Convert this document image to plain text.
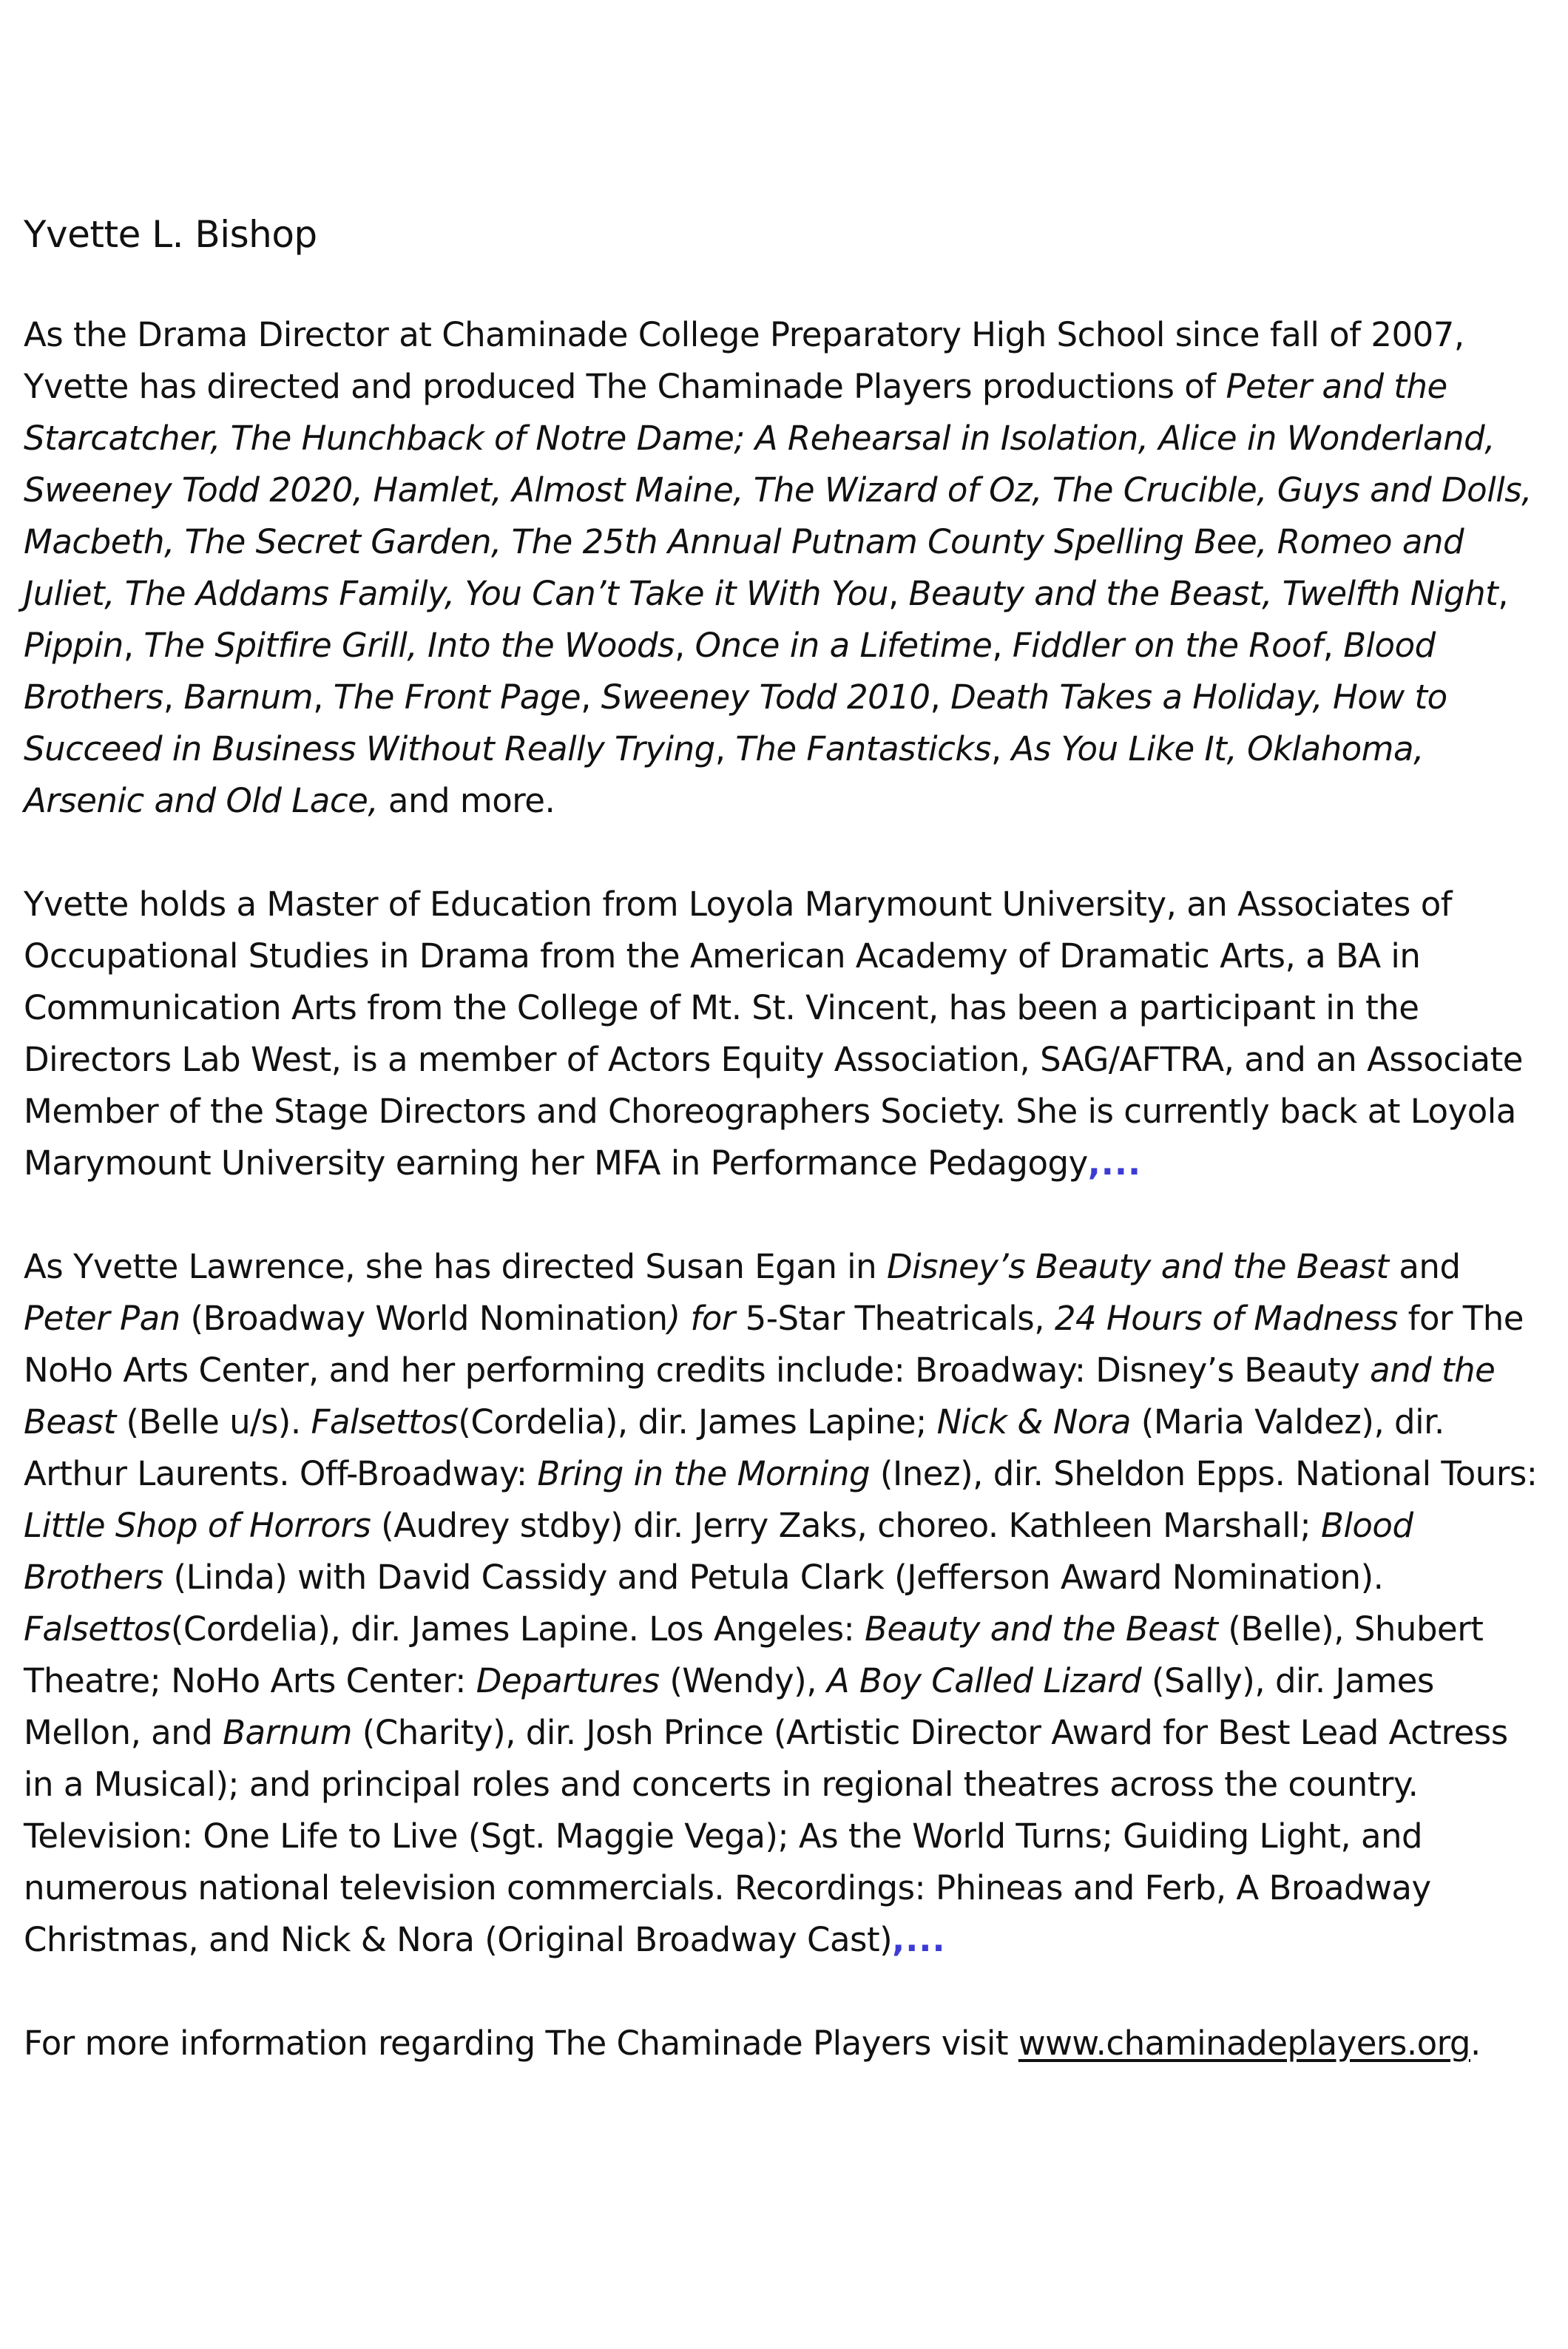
Yvette L. Bishop
As the Drama Director at Chaminade College Preparatory High School since fall of 2007, Yvette has directed and produced The Chaminade Players productions of Peter and the Starcatcher, The Hunchback of Notre Dame; A Rehearsal in Isolation, Alice in Wonderland, Sweeney Todd 2020, Hamlet, Almost Maine, The Wizard of Oz, The Crucible, Guys and Dolls, Macbeth, The Secret Garden, The 25th Annual Putnam County Spelling Bee, Romeo and Juliet, The Addams Family, You Can’t Take it With You, Beauty and the Beast, Twelfth Night, Pippin, The Spitfire Grill, Into the Woods, Once in a Lifetime, Fiddler on the Roof, Blood Brothers, Barnum, The Front Page, Sweeney Todd 2010, Death Takes a Holiday, How to Succeed in Business Without Really Trying, The Fantasticks, As You Like It, Oklahoma, Arsenic and Old Lace, and more.
Yvette holds a Master of Education from Loyola Marymount University, an Associates of Occupational Studies in Drama from the American Academy of Dramatic Arts, a BA in Communication Arts from the College of Mt. St. Vincent, has been a participant in the Directors Lab West, is a member of Actors Equity Association, SAG/AFTRA, and an Associate Member of the Stage Directors and Choreographers Society. She is currently back at Loyola Marymount University earning her MFA in Performance Pedagogy,...
As Yvette Lawrence, she has directed Susan Egan in Disney’s Beauty and the Beast and Peter Pan (Broadway World Nomination) for 5-Star Theatricals, 24 Hours of Madness for The NoHo Arts Center, and her performing credits include: Broadway: Disney’s Beauty and the Beast (Belle u/s). Falsettos(Cordelia), dir. James Lapine; Nick & Nora (Maria Valdez), dir. Arthur Laurents. Off-Broadway: Bring in the Morning (Inez), dir. Sheldon Epps. National Tours: Little Shop of Horrors (Audrey stdby) dir. Jerry Zaks, choreo. Kathleen Marshall; Blood Brothers (Linda) with David Cassidy and Petula Clark (Jefferson Award Nomination). Falsettos(Cordelia), dir. James Lapine. Los Angeles: Beauty and the Beast (Belle), Shubert Theatre; NoHo Arts Center: Departures (Wendy), A Boy Called Lizard (Sally), dir. James Mellon, and Barnum (Charity), dir. Josh Prince (Artistic Director Award for Best Lead Actress in a Musical); and principal roles and concerts in regional theatres across the country. Television: One Life to Live (Sgt. Maggie Vega); As the World Turns; Guiding Light, and numerous national television commercials. Recordings: Phineas and Ferb, A Broadway Christmas, and Nick & Nora (Original Broadway Cast),...
For more information regarding The Chaminade Players visit www.chaminadeplayers.org.
